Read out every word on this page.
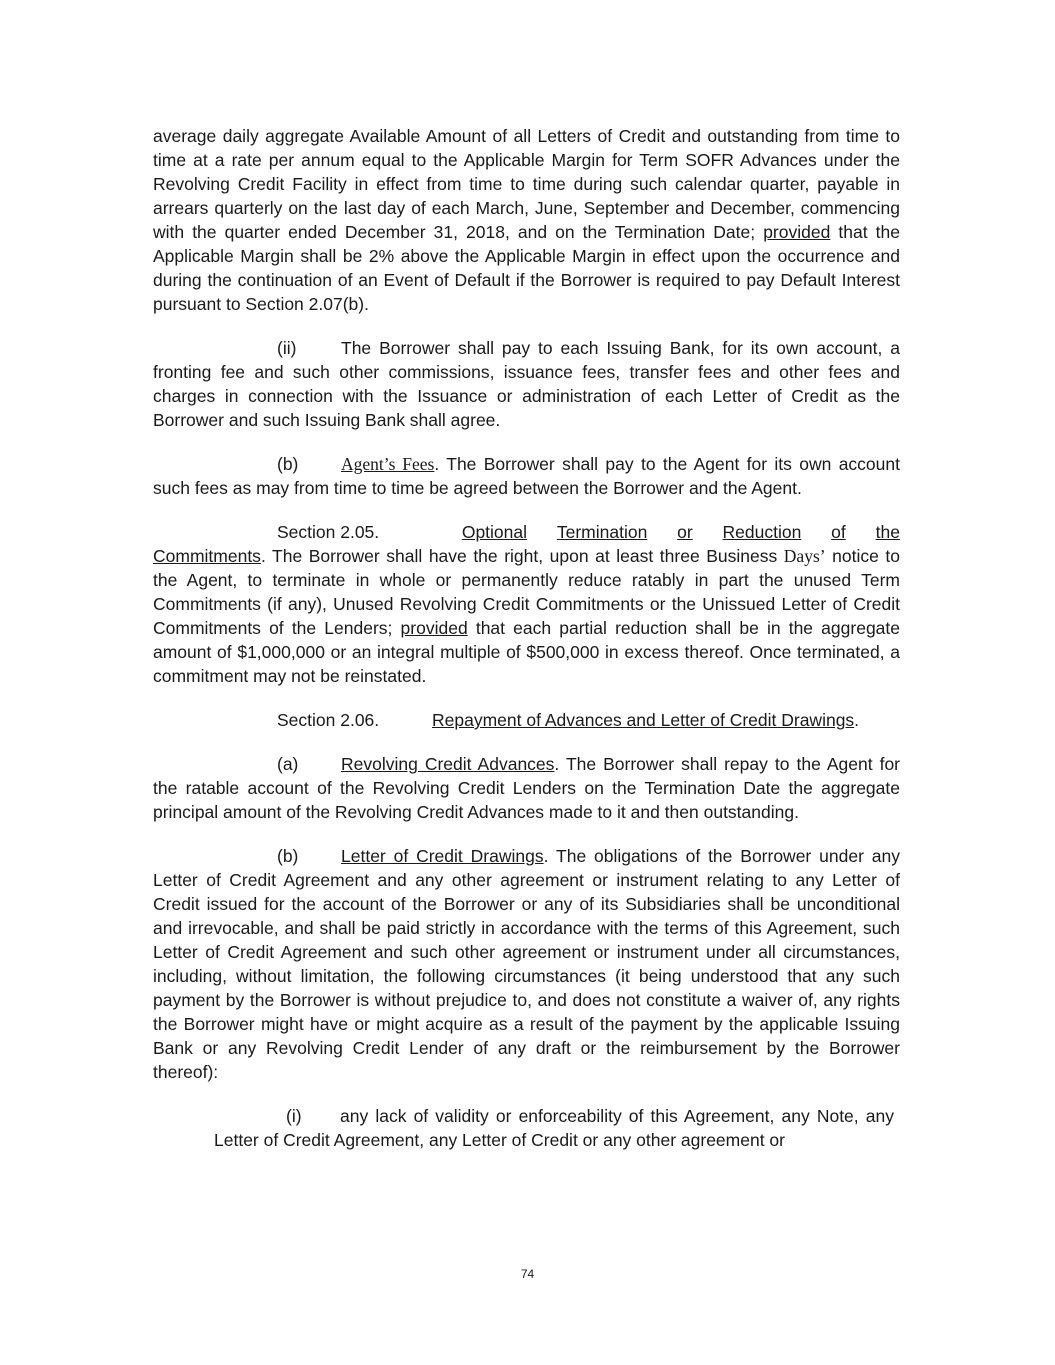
average daily aggregate Available Amount of all Letters of Credit and outstanding from time to time at a rate per annum equal to the Applicable Margin for Term SOFR Advances under the Revolving Credit Facility in effect from time to time during such calendar quarter, payable in arrears quarterly on the last day of each March, June, September and December, commencing with the quarter ended December 31, 2018, and on the Termination Date; provided that the Applicable Margin shall be 2% above the Applicable Margin in effect upon the occurrence and during the continuation of an Event of Default if the Borrower is required to pay Default Interest pursuant to Section 2.07(b).

(ii)	The Borrower shall pay to each Issuing Bank, for its own account, a fronting fee and such other commissions, issuance fees, transfer fees and other fees and charges in connection with the Issuance or administration of each Letter of Credit as the Borrower and such Issuing Bank shall agree.

(b) Agent’s Fees. The Borrower shall pay to the Agent for its own account such fees as may from time to time be agreed between the Borrower and the Agent.

Section 2.05.	Optional Termination or Reduction of the

Commitments. The Borrower shall have the right, upon at least three Business Days’ notice to the Agent, to terminate in whole or permanently reduce ratably in part the unused Term Commitments (if any), Unused Revolving Credit Commitments or the Unissued Letter of Credit Commitments of the Lenders; provided that each partial reduction shall be in the aggregate amount of $1,000,000 or an integral multiple of $500,000 in excess thereof. Once terminated, a commitment may not be reinstated.

Section 2.06.	Repayment of Advances and Letter of Credit Drawings.

(a) Revolving Credit Advances. The Borrower shall repay to the Agent for the ratable account of the Revolving Credit Lenders on the Termination Date the aggregate principal amount of the Revolving Credit Advances made to it and then outstanding.

(b) Letter of Credit Drawings. The obligations of the Borrower under any Letter of Credit Agreement and any other agreement or instrument relating to any Letter of Credit issued for the account of the Borrower or any of its Subsidiaries shall be unconditional and irrevocable, and shall be paid strictly in accordance with the terms of this Agreement, such Letter of Credit Agreement and such other agreement or instrument under all circumstances, including, without limitation, the following circumstances (it being understood that any such payment by the Borrower is without prejudice to, and does not constitute a waiver of, any rights the Borrower might have or might acquire as a result of the payment by the applicable Issuing Bank or any Revolving Credit Lender of any draft or the reimbursement by the Borrower thereof):

(i) any lack of validity or enforceability of this Agreement, any Note, any Letter of Credit Agreement, any Letter of Credit or any other agreement or

74
